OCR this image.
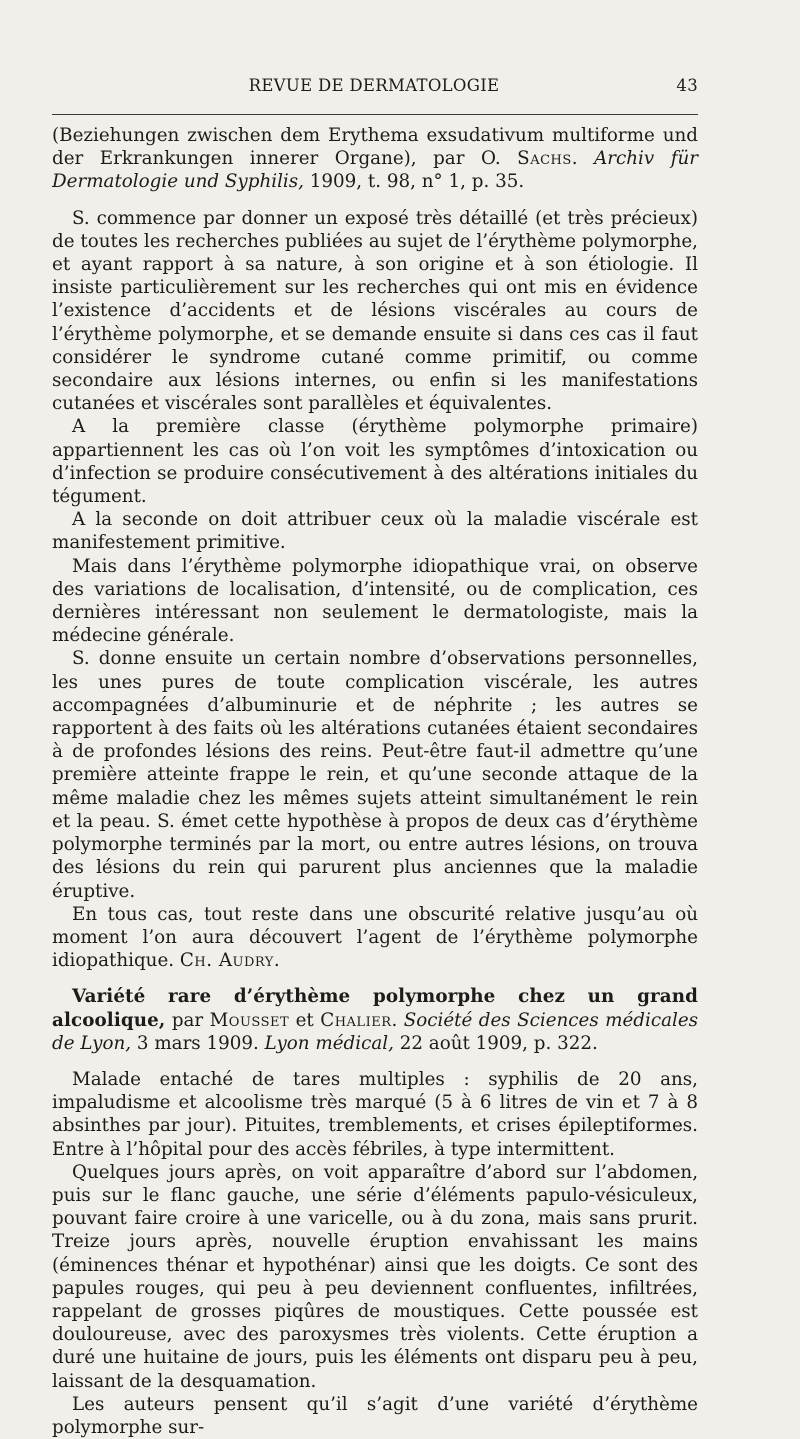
REVUE DE DERMATOLOGIE	43

(Beziehungen zwischen dem Erythema exsudativum multiforme und der Erkrankungen innerer Organe), par O. Sachs. Archiv für Dermatologie und Syphilis, 1909, t. 98, n° 1, p. 35.

S. commence par donner un exposé très détaillé (et très précieux) de toutes les recherches publiées au sujet de l’érythème polymorphe, et ayant rapport à sa nature, à son origine et à son étiologie. Il insiste particulièrement sur les recherches qui ont mis en évidence l’existence d’accidents et de lésions viscérales au cours de l’érythème polymorphe, et se demande ensuite si dans ces cas il faut considérer le syndrome cutané comme primitif, ou comme secondaire aux lésions internes, ou enfin si les manifestations cutanées et viscérales sont parallèles et équivalentes.

A la première classe (érythème polymorphe primaire) appartiennent les cas où l’on voit les symptômes d’intoxication ou d’infection se produire consécutivement à des altérations initiales du tégument.

A la seconde on doit attribuer ceux où la maladie viscérale est manifestement primitive.

Mais dans l’érythème polymorphe idiopathique vrai, on observe des variations de localisation, d’intensité, ou de complication, ces dernières intéressant non seulement le dermatologiste, mais la médecine générale.

S. donne ensuite un certain nombre d’observations personnelles, les unes pures de toute complication viscérale, les autres accompagnées d’albuminurie et de néphrite ; les autres se rapportent à des faits où les altérations cutanées étaient secondaires à de profondes lésions des reins. Peut-être faut-il admettre qu’une première atteinte frappe le rein, et qu’une seconde attaque de la même maladie chez les mêmes sujets atteint simultanément le rein et la peau. S. émet cette hypothèse à propos de deux cas d’érythème polymorphe terminés par la mort, ou entre autres lésions, on trouva des lésions du rein qui parurent plus anciennes que la maladie éruptive.

En tous cas, tout reste dans une obscurité relative jusqu’au où moment l’on aura découvert l’agent de l’érythème polymorphe idiopathique. Ch. Audry.

Variété rare d’érythème polymorphe chez un grand alcoolique, par Mousset et Chalier. Société des Sciences médicales de Lyon, 3 mars 1909. Lyon médical, 22 août 1909, p. 322.

Malade entaché de tares multiples : syphilis de 20 ans, impaludisme et alcoolisme très marqué (5 à 6 litres de vin et 7 à 8 absinthes par jour). Pituites, tremblements, et crises épileptiformes. Entre à l’hôpital pour des accès fébriles, à type intermittent.

Quelques jours après, on voit apparaître d’abord sur l’abdomen, puis sur le flanc gauche, une série d’éléments papulo-vésiculeux, pouvant faire croire à une varicelle, ou à du zona, mais sans prurit. Treize jours après, nouvelle éruption envahissant les mains (éminences thénar et hypothénar) ainsi que les doigts. Ce sont des papules rouges, qui peu à peu deviennent confluentes, infiltrées, rappelant de grosses piqûres de moustiques. Cette poussée est douloureuse, avec des paroxysmes très violents. Cette éruption a duré une huitaine de jours, puis les éléments ont disparu peu à peu, laissant de la desquamation.

Les auteurs pensent qu’il s’agit d’une variété d’érythème polymorphe sur-
